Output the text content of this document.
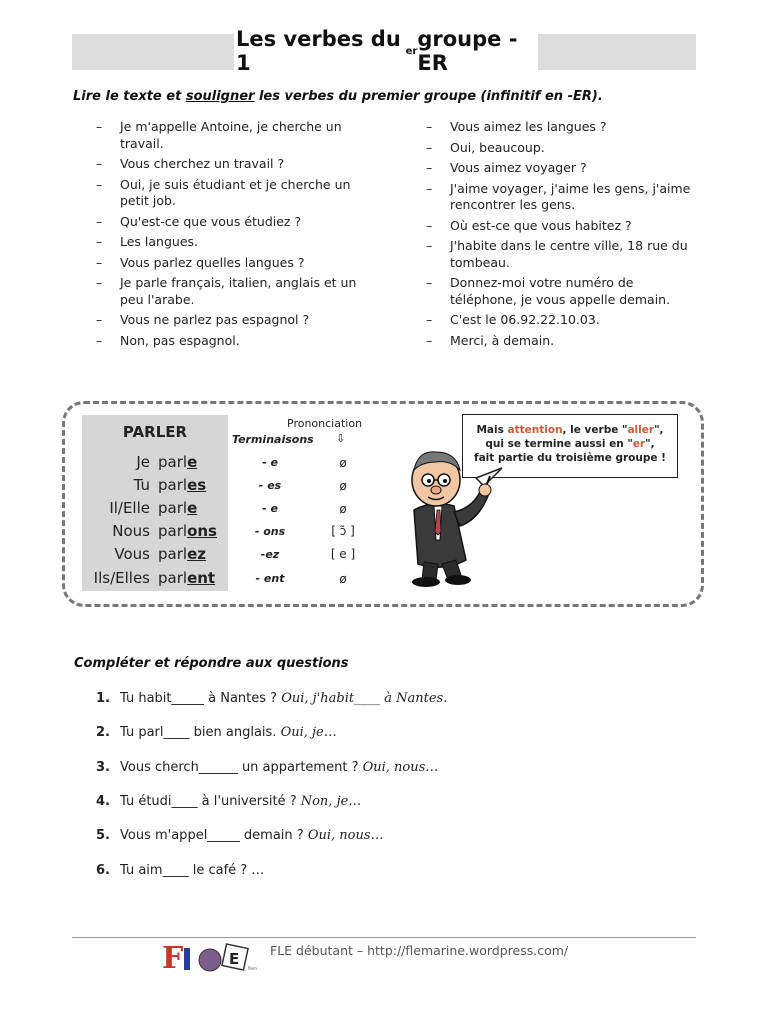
Les verbes du 1	er groupe -ER
Lire le texte et souligner les verbes du premier groupe (infinitif en -ER).
– Je m'appelle Antoine, je cherche un travail.
– Vous cherchez un travail ?
– Oui, je suis étudiant et je cherche un petit job.
– Qu'est-ce que vous étudiez ?
– Les langues.
– Vous parlez quelles langues ?
– Je parle français, italien, anglais et un peu l'arabe.
– Vous ne parlez pas espagnol ?
– Non, pas espagnol.
– Vous aimez les langues ?
– Oui, beaucoup.
– Vous aimez voyager ?
– J'aime voyager, j'aime les gens, j'aime rencontrer les gens.
– Où est-ce que vous habitez ?
– J'habite dans le centre ville, 18 rue du tombeau.
– Donnez-moi votre numéro de téléphone, je vous appelle demain.
– C'est le 06.92.22.10.03.
– Merci, à demain.
PARLER	Prononciation
Terminaisons ⇩
Je parle	- e	ø
Tu parles	- es	ø
Il/Elle parle	- e	ø
Nous parlons	- ons	[ ɔ̃ ]
Vous parlez	-ez	[ e ]
Ils/Elles parlent	- ent	ø
Mais attention, le verbe "aller",
qui se termine aussi en "er",
fait partie du troisième groupe !
Compléter et répondre aux questions
1. Tu habit_____ à Nantes ? Oui, j'habit____ à Nantes.
2. Tu parl____ bien anglais. Oui, je…
3. Vous cherch______ un appartement ? Oui, nous…
4. Tu étudi____ à l'université ? Non, je…
5. Vous m'appel_____ demain ? Oui, nous…
6. Tu aim____ le café ? …
F	E
flem
FLE débutant – http://flemarine.wordpress.com/
